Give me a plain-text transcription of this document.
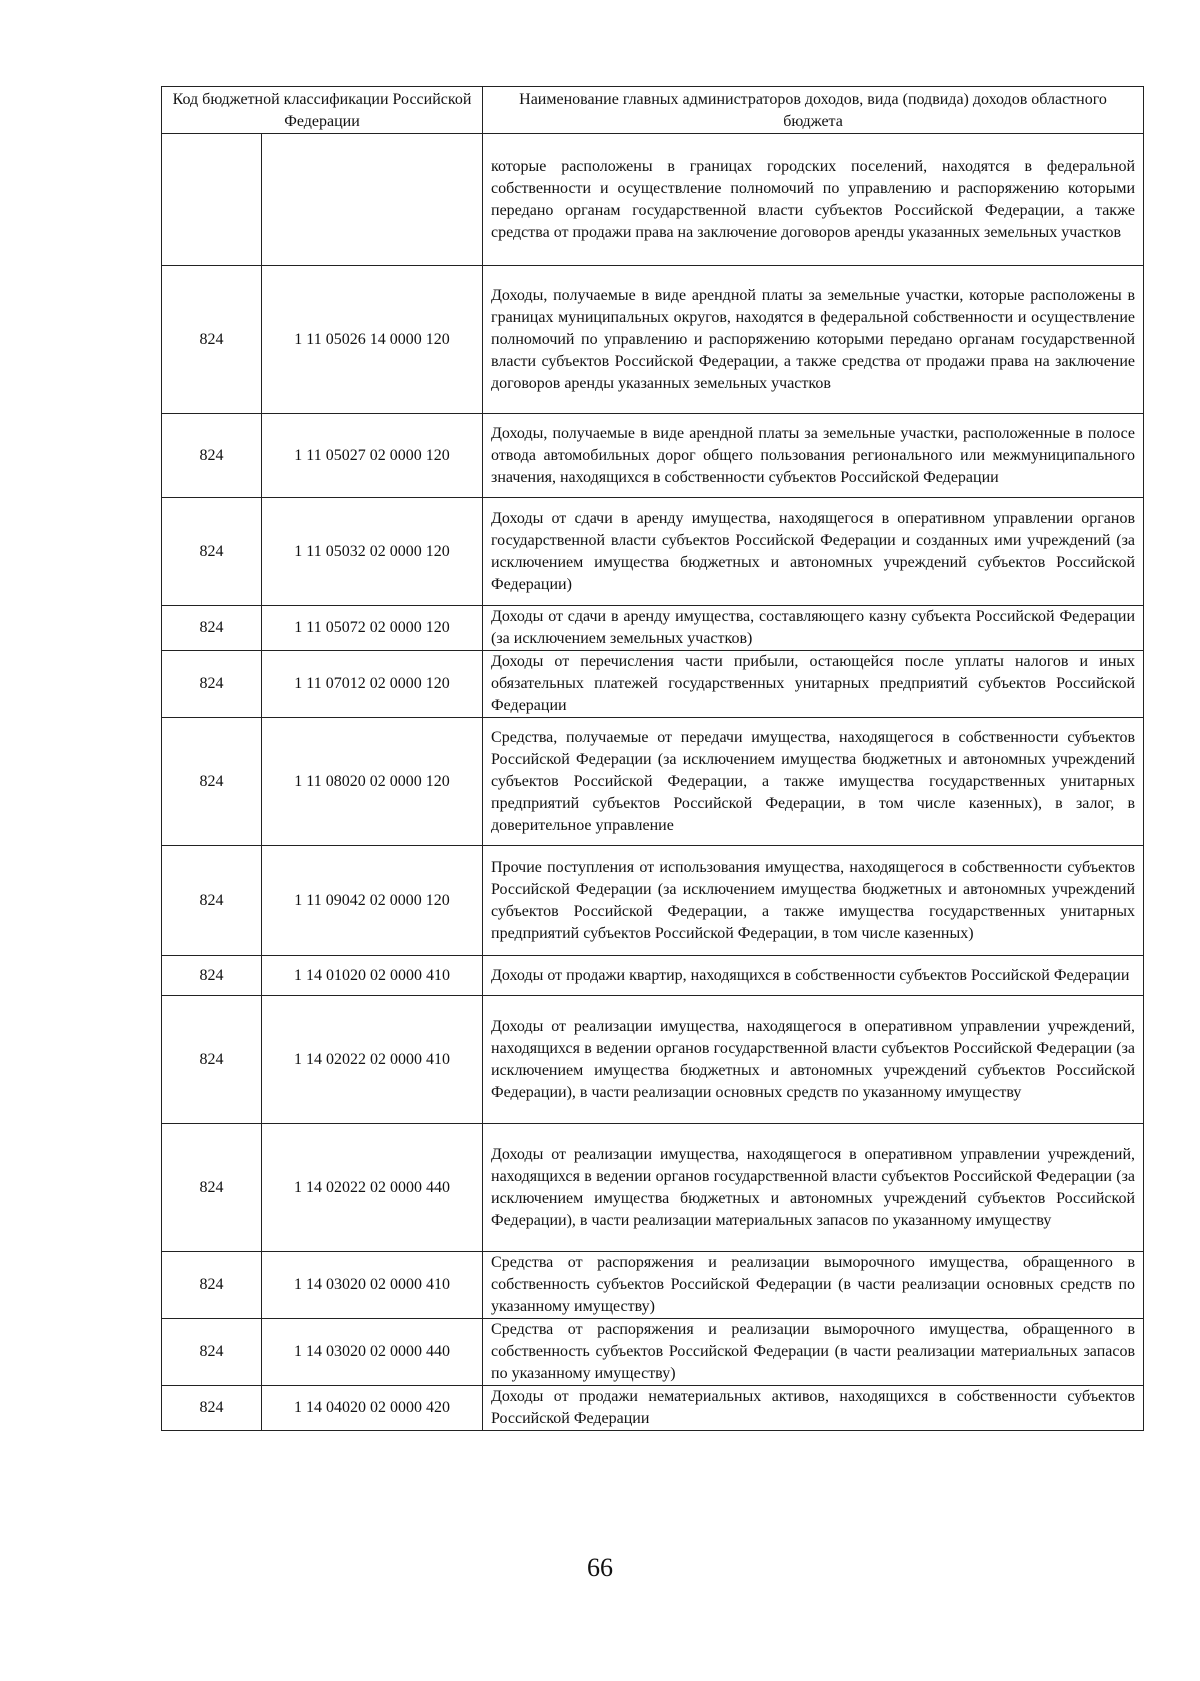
Код бюджетной классификации Российской Федерации		Наименование главных администраторов доходов, вида (подвида) доходов областного бюджета
		которые расположены в границах городских поселений, находятся в федеральной собственности и осуществление полномочий по управлению и распоряжению которыми передано органам государственной власти субъектов Российской Федерации, а также средства от продажи права на заключение договоров аренды указанных земельных участков
824	1 11 05026 14 0000 120	Доходы, получаемые в виде арендной платы за земельные участки, которые расположены в границах муниципальных округов, находятся в федеральной собственности и осуществление полномочий по управлению и распоряжению которыми передано органам государственной власти субъектов Российской Федерации, а также средства от продажи права на заключение договоров аренды указанных земельных участков
824	1 11 05027 02 0000 120	Доходы, получаемые в виде арендной платы за земельные участки, расположенные в полосе отвода автомобильных дорог общего пользования регионального или межмуниципального значения, находящихся в собственности субъектов Российской Федерации
824	1 11 05032 02 0000 120	Доходы от сдачи в аренду имущества, находящегося в оперативном управлении органов государственной власти субъектов Российской Федерации и созданных ими учреждений (за исключением имущества бюджетных и автономных учреждений субъектов Российской Федерации)
824	1 11 05072 02 0000 120	Доходы от сдачи в аренду имущества, составляющего казну субъекта Российской Федерации (за исключением земельных участков)
824	1 11 07012 02 0000 120	Доходы от перечисления части прибыли, остающейся после уплаты налогов и иных обязательных платежей государственных унитарных предприятий субъектов Российской Федерации
824	1 11 08020 02 0000 120	Средства, получаемые от передачи имущества, находящегося в собственности субъектов Российской Федерации (за исключением имущества бюджетных и автономных учреждений субъектов Российской Федерации, а также имущества государственных унитарных предприятий субъектов Российской Федерации, в том числе казенных), в залог, в доверительное управление
824	1 11 09042 02 0000 120	Прочие поступления от использования имущества, находящегося в собственности субъектов Российской Федерации (за исключением имущества бюджетных и автономных учреждений субъектов Российской Федерации, а также имущества государственных унитарных предприятий субъектов Российской Федерации, в том числе казенных)
824	1 14 01020 02 0000 410	Доходы от продажи квартир, находящихся в собственности субъектов Российской Федерации
824	1 14 02022 02 0000 410	Доходы от реализации имущества, находящегося в оперативном управлении учреждений, находящихся в ведении органов государственной власти субъектов Российской Федерации (за исключением имущества бюджетных и автономных учреждений субъектов Российской Федерации), в части реализации основных средств по указанному имуществу
824	1 14 02022 02 0000 440	Доходы от реализации имущества, находящегося в оперативном управлении учреждений, находящихся в ведении органов государственной власти субъектов Российской Федерации (за исключением имущества бюджетных и автономных учреждений субъектов Российской Федерации), в части реализации материальных запасов по указанному имуществу
824	1 14 03020 02 0000 410	Средства от распоряжения и реализации выморочного имущества, обращенного в собственность субъектов Российской Федерации (в части реализации основных средств по указанному имуществу)
824	1 14 03020 02 0000 440	Средства от распоряжения и реализации выморочного имущества, обращенного в собственность субъектов Российской Федерации (в части реализации материальных запасов по указанному имуществу)
824	1 14 04020 02 0000 420	Доходы от продажи нематериальных активов, находящихся в собственности субъектов Российской Федерации
66
